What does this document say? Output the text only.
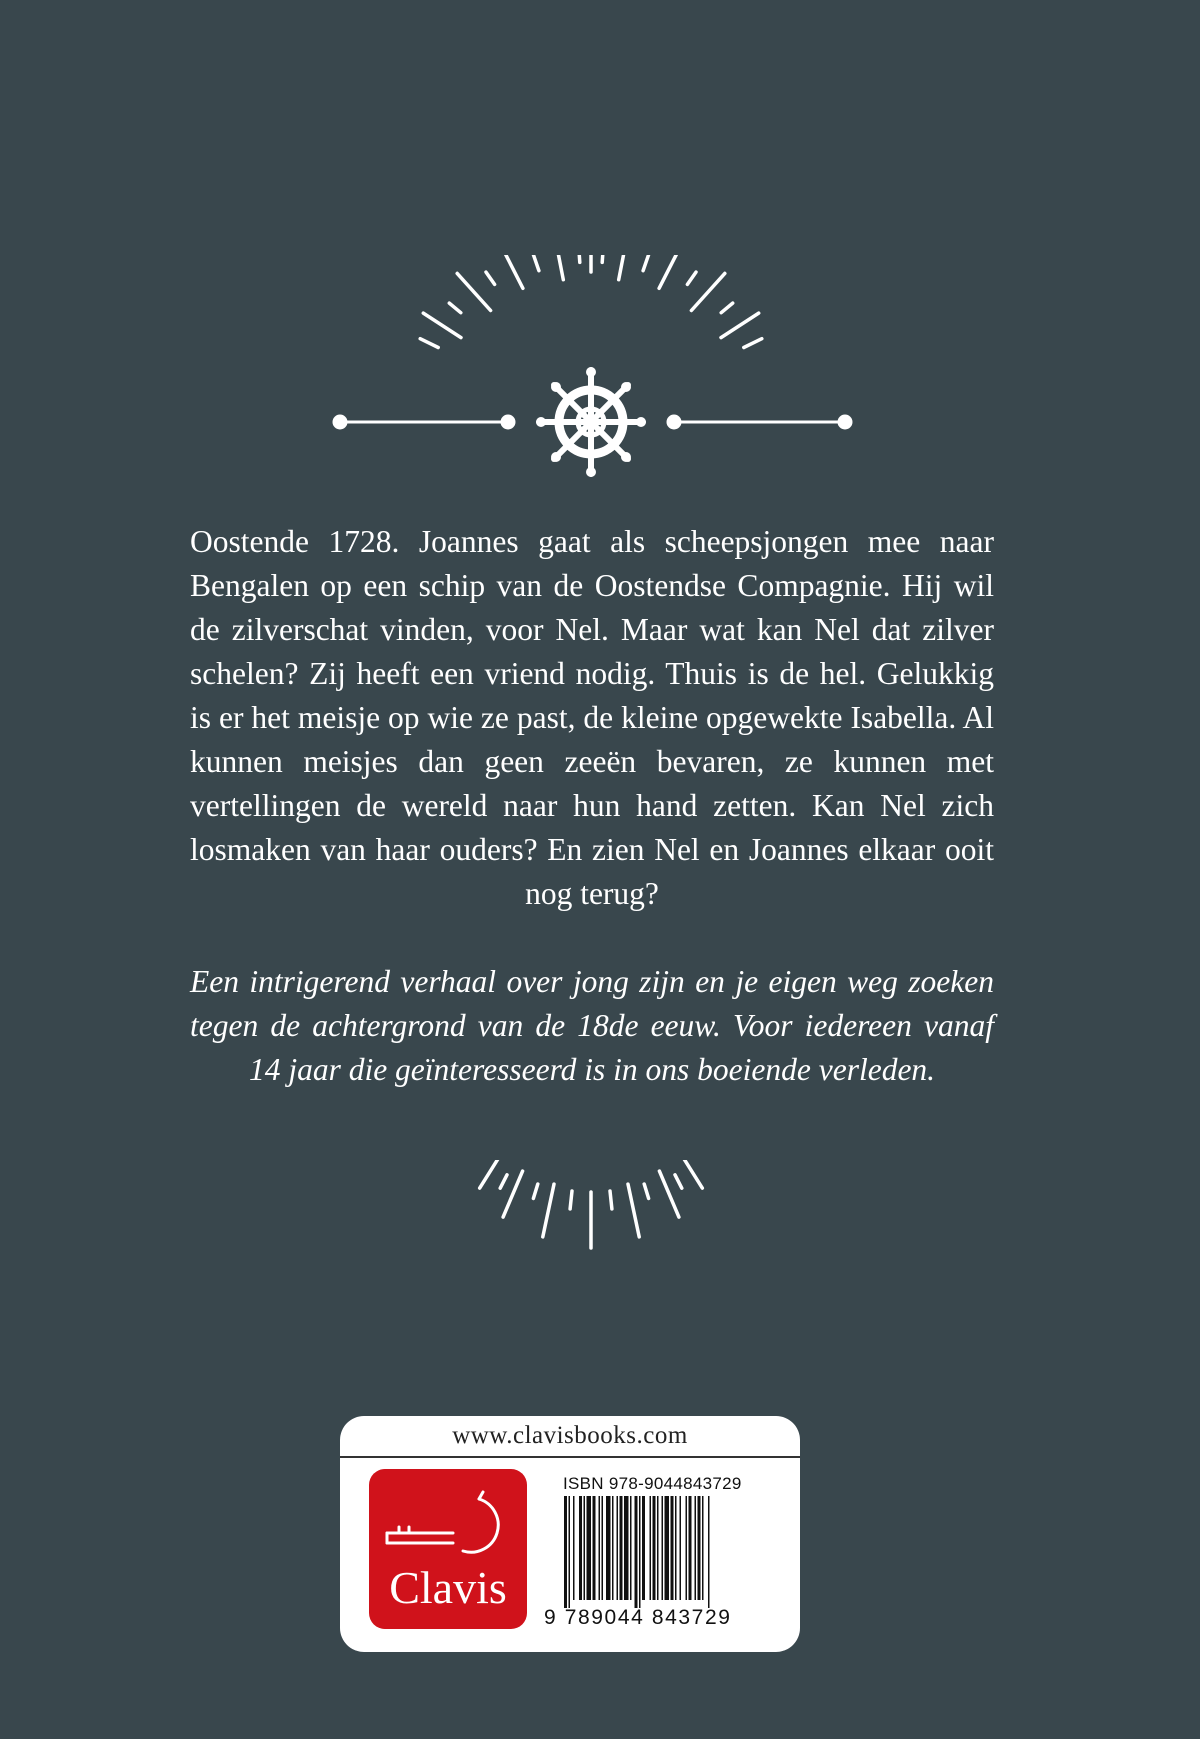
Oostende 1728. Joannes gaat als scheepsjongen mee naar Bengalen op een schip van de Oostendse Compagnie. Hij wil de zilverschat vinden, voor Nel. Maar wat kan Nel dat zilver schelen? Zij heeft een vriend nodig. Thuis is de hel. Gelukkig is er het meisje op wie ze past, de kleine opgewekte Isabella. Al kunnen meisjes dan geen zeeën bevaren, ze kunnen met vertellingen de wereld naar hun hand zetten. Kan Nel zich losmaken van haar ouders? En zien Nel en Joannes elkaar ooit nog terug?

Een intrigerend verhaal over jong zijn en je eigen weg zoeken tegen de achtergrond van de 18de eeuw. Voor iedereen vanaf 14 jaar die geïnteresseerd is in ons boeiende verleden.

www.clavisbooks.com
Clavis
ISBN 978-9044843729
9 789044 843729
